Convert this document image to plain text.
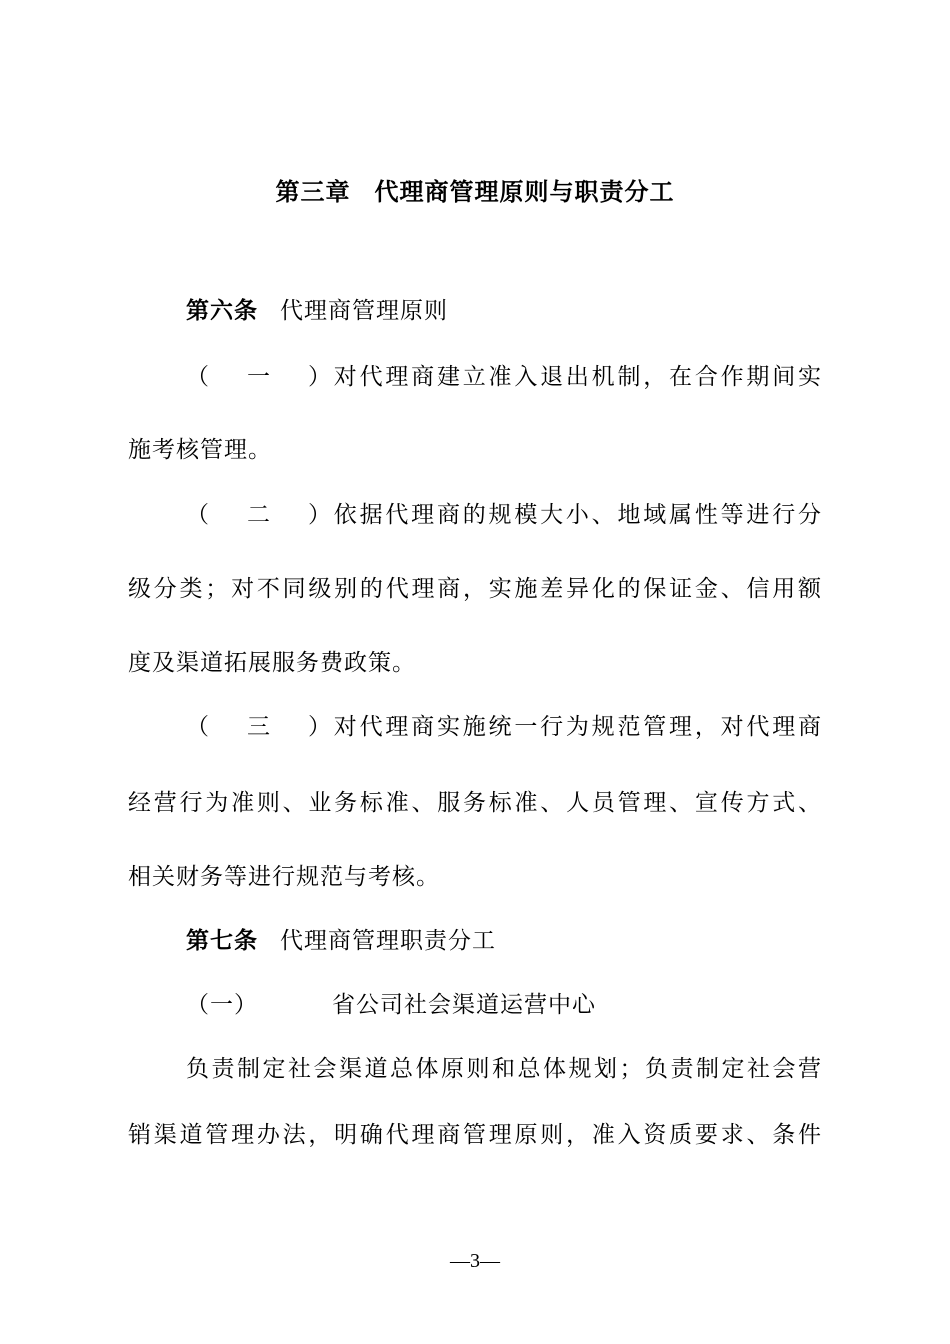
第三章 代理商管理原则与职责分工
第六条 代理商管理原则
（一）对代理商建立准入退出机制，在合作期间实
施考核管理。
（二）依据代理商的规模大小、地域属性等进行分
级分类；对不同级别的代理商，实施差异化的保证金、信用额
度及渠道拓展服务费政策。
（三）对代理商实施统一行为规范管理，对代理商
经营行为准则、业务标准、服务标准、人员管理、宣传方式、
相关财务等进行规范与考核。
第七条 代理商管理职责分工
（一）	省公司社会渠道运营中心
负责制定社会渠道总体原则和总体规划；负责制定社会营
销渠道管理办法，明确代理商管理原则，准入资质要求、条件
—3—
